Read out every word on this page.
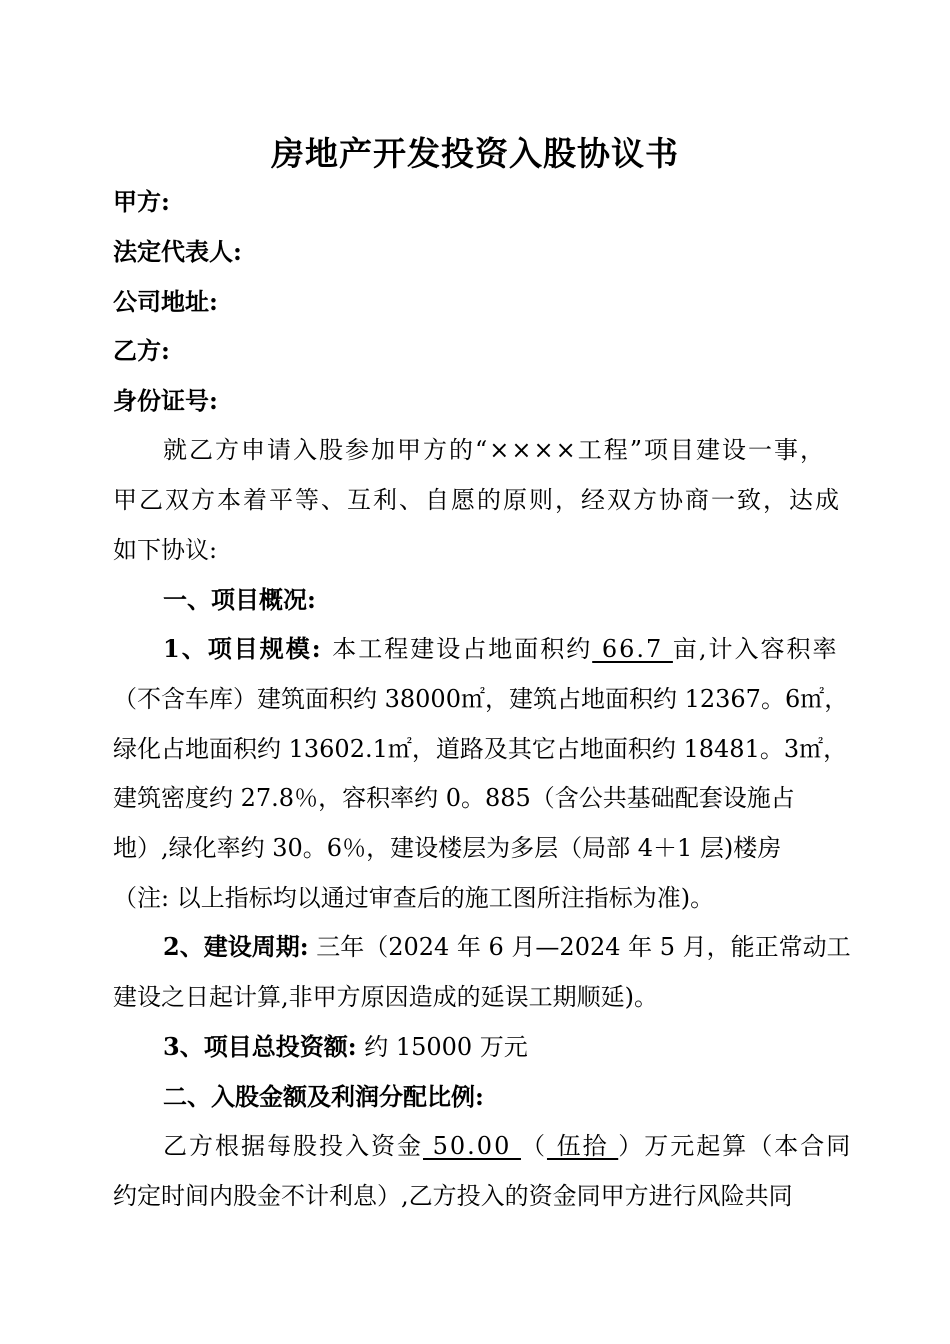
房地产开发投资入股协议书
甲方:
法定代表人:
公司地址:
乙方:
身份证号:
就乙方申请入股参加甲方的“××××工程”项目建设一事，
甲乙双方本着平等、互利、自愿的原则，经双方协商一致，达成
如下协议:
一、项目概况:
1、项目规模: 本工程建设占地面积约 66.7 亩,计入容积率
（不含车库）建筑面积约 38000㎡，建筑占地面积约 12367。6㎡，
绿化占地面积约 13602.1㎡，道路及其它占地面积约 18481。3㎡，
建筑密度约 27.8％，容积率约 0。885（含公共基础配套设施占
地）,绿化率约 30。6％，建设楼层为多层（局部 4＋1 层)楼房
（注: 以上指标均以通过审查后的施工图所注指标为准)。
2、建设周期: 三年（2024 年 6 月—2024 年 5 月，能正常动工
建设之日起计算,非甲方原因造成的延误工期顺延)。
3、项目总投资额: 约 15000 万元
二、入股金额及利润分配比例:
乙方根据每股投入资金 50.00 （ 伍拾 ）万元起算（本合同
约定时间内股金不计利息）,乙方投入的资金同甲方进行风险共同
